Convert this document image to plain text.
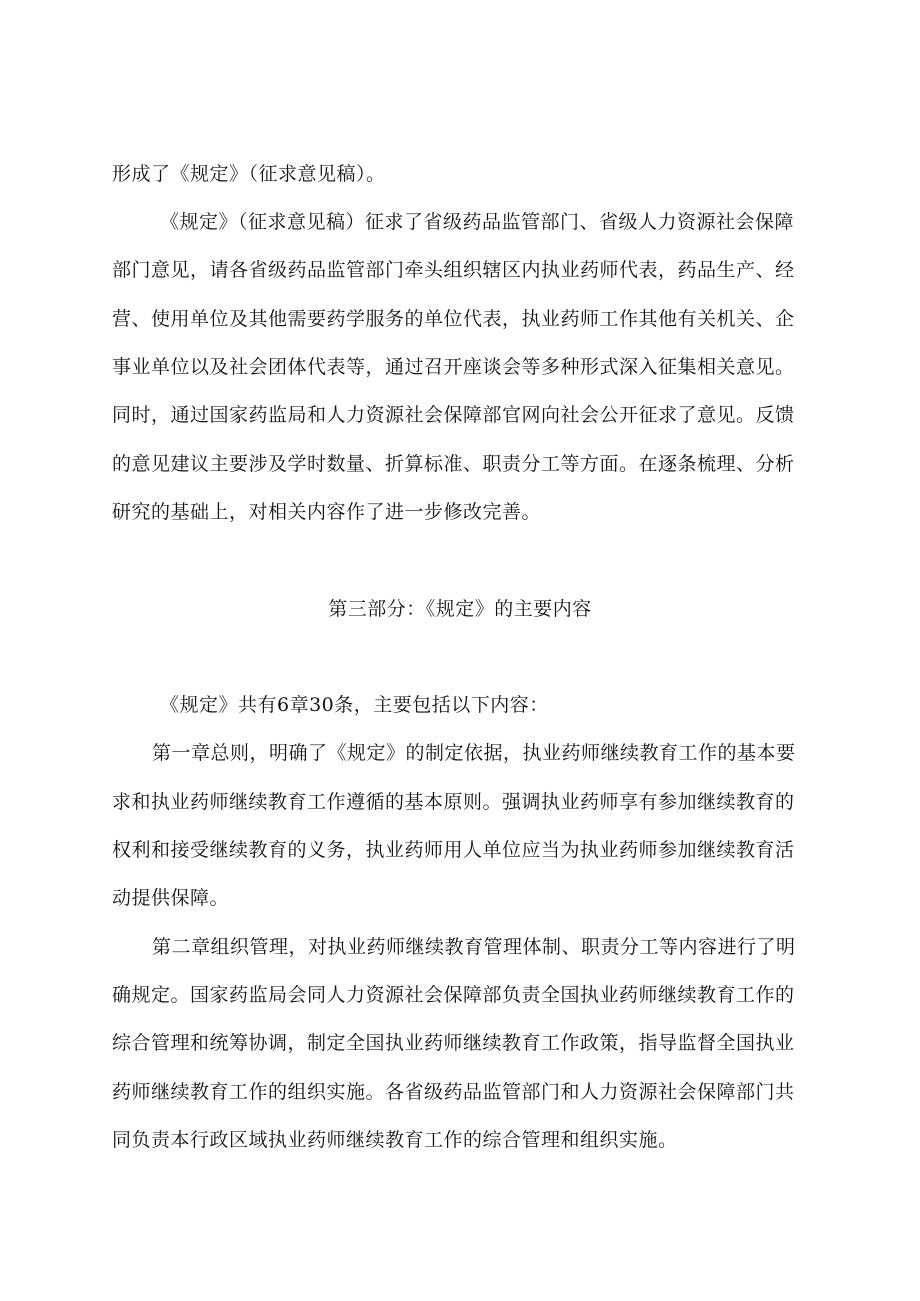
形成了《规定》（征求意见稿）。
《规定》（征求意见稿）征求了省级药品监管部门、省级人力资源社会保障
部门意见，请各省级药品监管部门牵头组织辖区内执业药师代表，药品生产、经
营、使用单位及其他需要药学服务的单位代表，执业药师工作其他有关机关、企
事业单位以及社会团体代表等，通过召开座谈会等多种形式深入征集相关意见。
同时，通过国家药监局和人力资源社会保障部官网向社会公开征求了意见。反馈
的意见建议主要涉及学时数量、折算标准、职责分工等方面。在逐条梳理、分析
研究的基础上，对相关内容作了进一步修改完善。
第三部分：《规定》的主要内容
《规定》共有6章30条，主要包括以下内容：
第一章总则，明确了《规定》的制定依据，执业药师继续教育工作的基本要
求和执业药师继续教育工作遵循的基本原则。强调执业药师享有参加继续教育的
权利和接受继续教育的义务，执业药师用人单位应当为执业药师参加继续教育活
动提供保障。
第二章组织管理，对执业药师继续教育管理体制、职责分工等内容进行了明
确规定。国家药监局会同人力资源社会保障部负责全国执业药师继续教育工作的
综合管理和统筹协调，制定全国执业药师继续教育工作政策，指导监督全国执业
药师继续教育工作的组织实施。各省级药品监管部门和人力资源社会保障部门共
同负责本行政区域执业药师继续教育工作的综合管理和组织实施。
